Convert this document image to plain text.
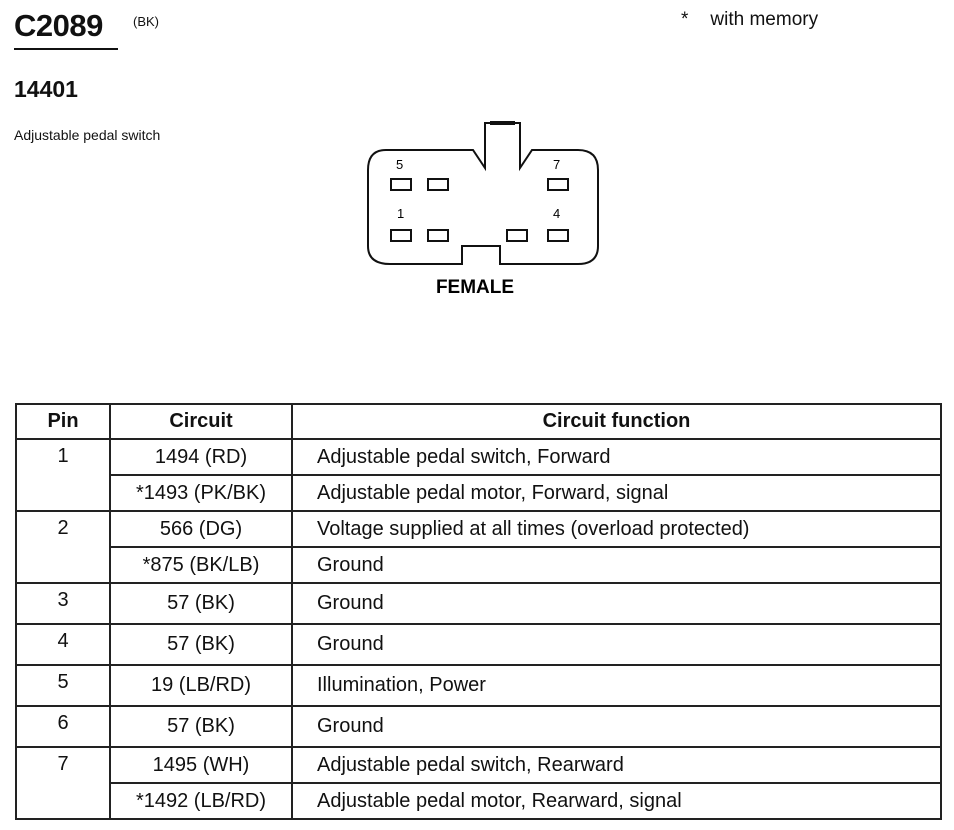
C2089 (BK)	* with memory
14401
Adjustable pedal switch
5	7
1	4
FEMALE
Pin	Circuit	Circuit function
1	1494 (RD)	Adjustable pedal switch, Forward
	*1493 (PK/BK)	Adjustable pedal motor, Forward, signal
2	566 (DG)	Voltage supplied at all times (overload protected)
	*875 (BK/LB)	Ground
3	57 (BK)	Ground
4	57 (BK)	Ground
5	19 (LB/RD)	Illumination, Power
6	57 (BK)	Ground
7	1495 (WH)	Adjustable pedal switch, Rearward
	*1492 (LB/RD)	Adjustable pedal motor, Rearward, signal
